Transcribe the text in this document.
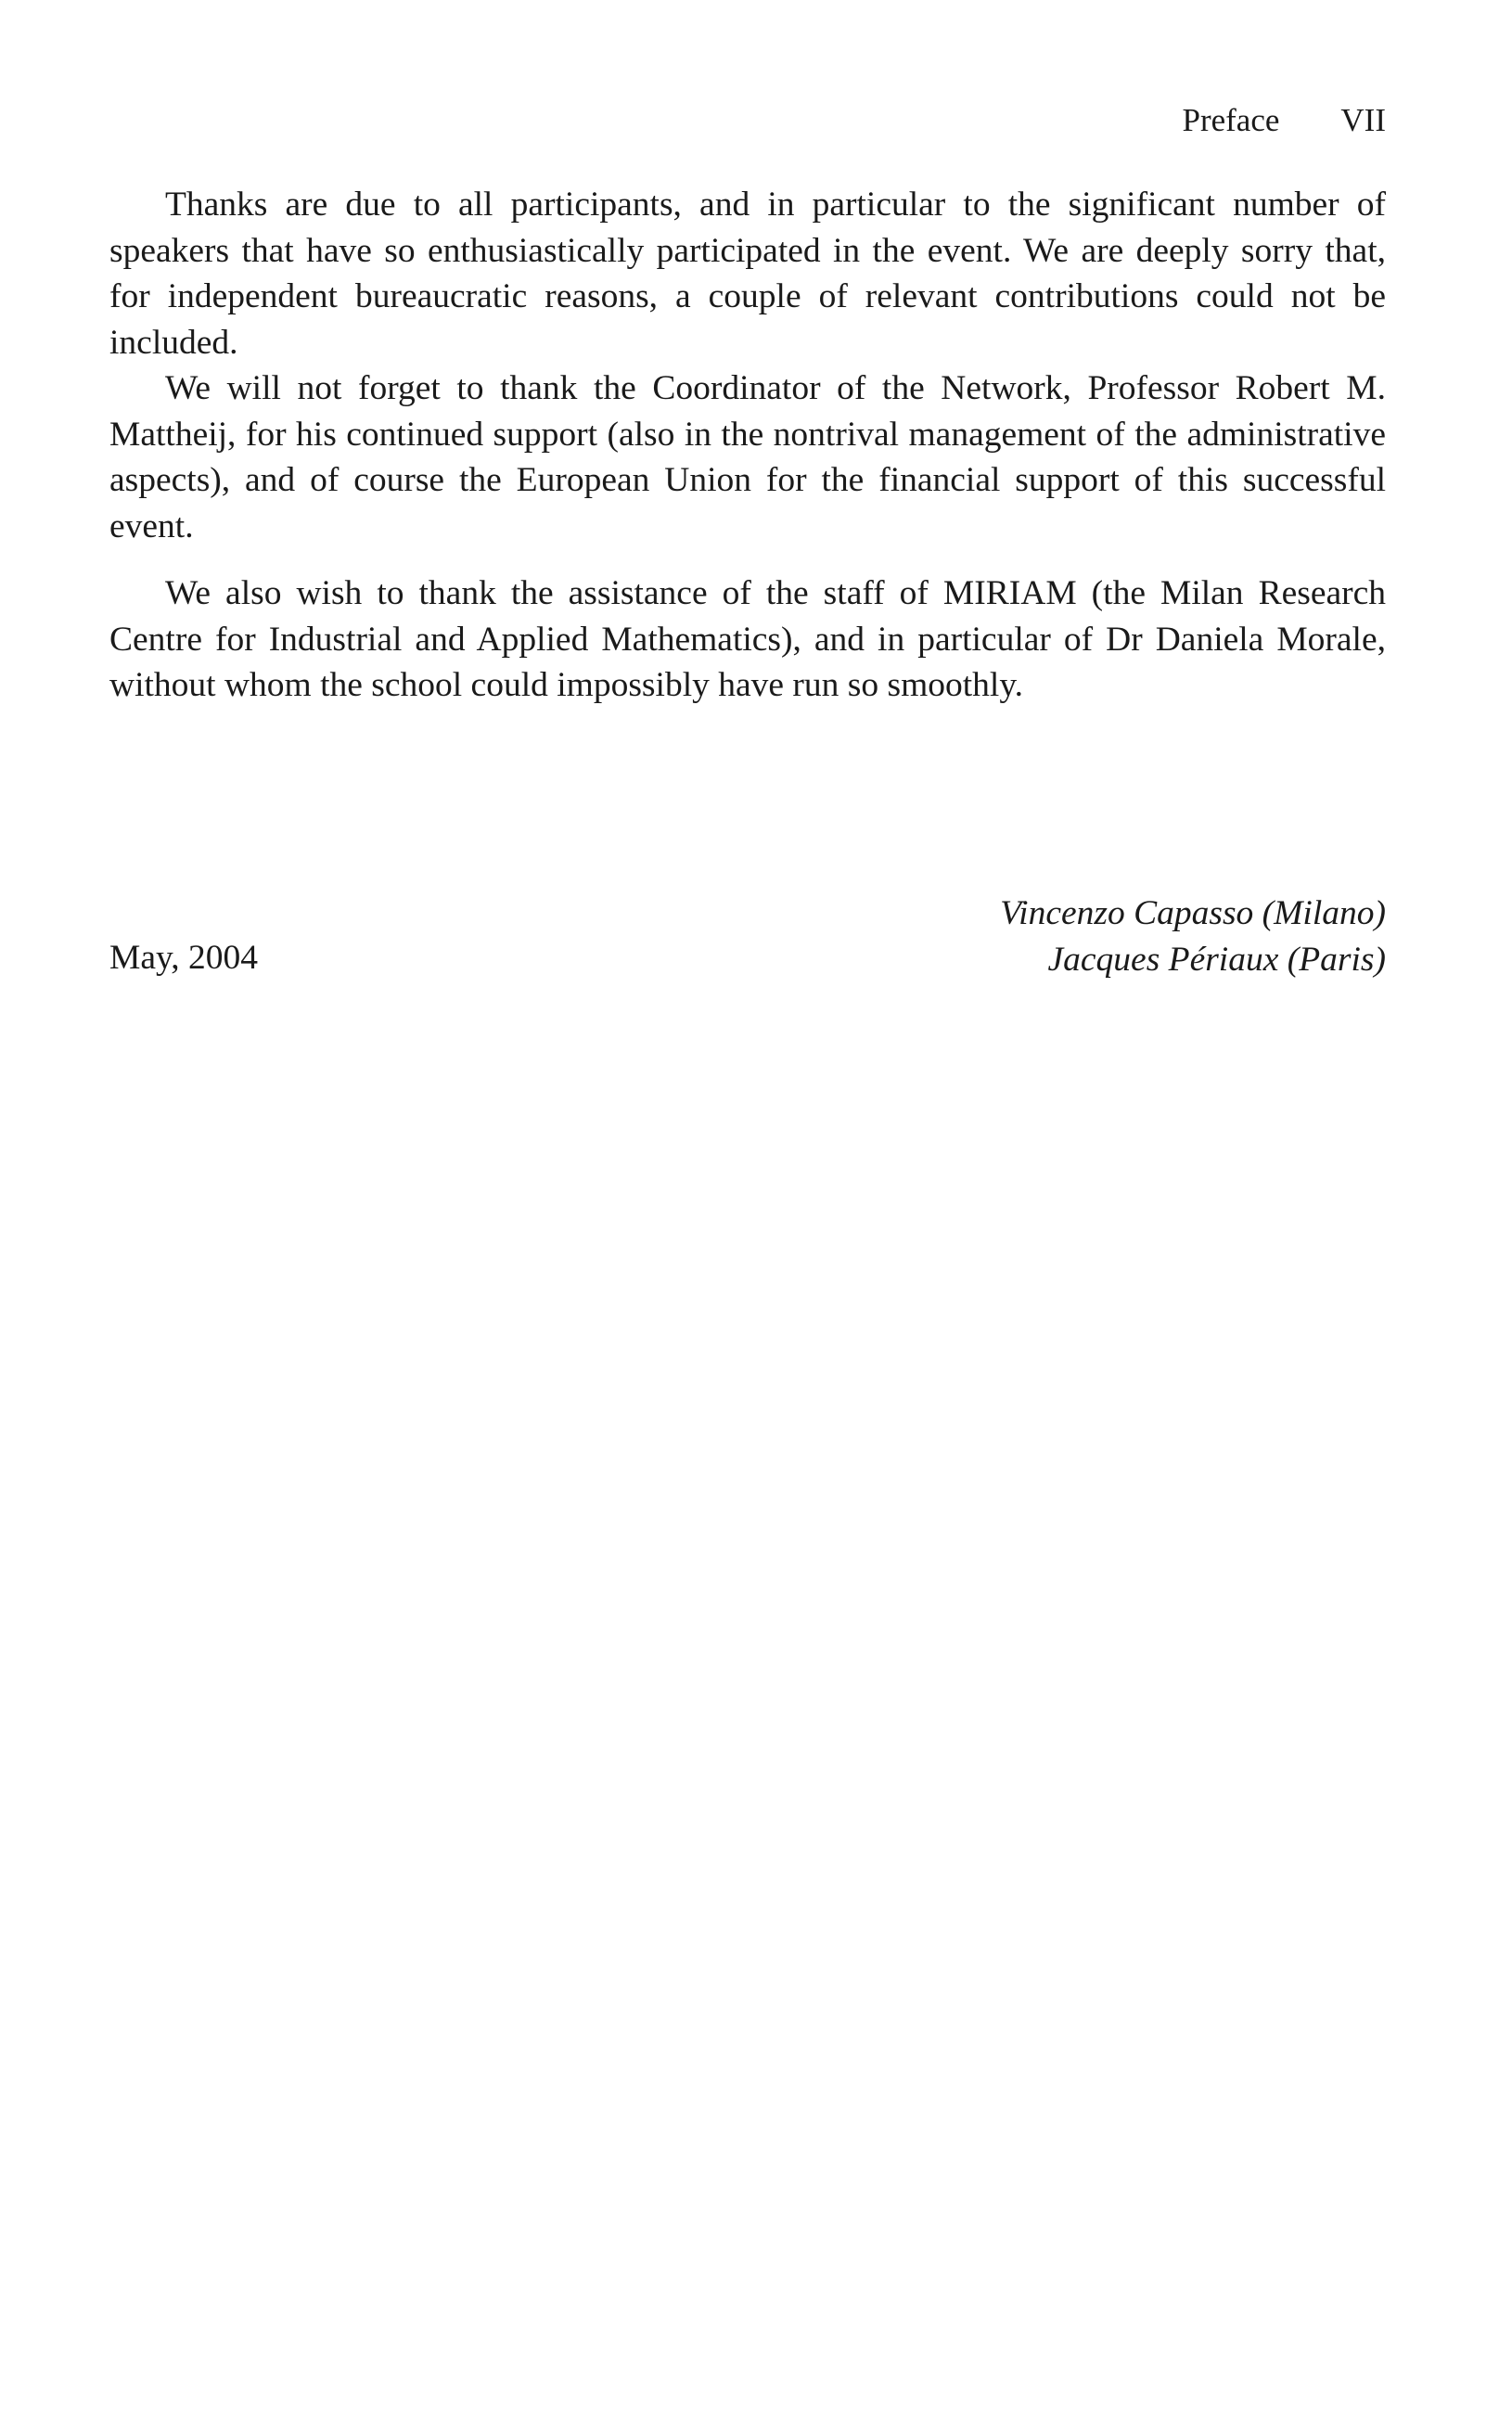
Preface VII

Thanks are due to all participants, and in particular to the significant number of speakers that have so enthusiastically participated in the event. We are deeply sorry that, for independent bureaucratic reasons, a couple of relevant contributions could not be included.

We will not forget to thank the Coordinator of the Network, Professor Robert M. Mattheij, for his continued support (also in the nontrival management of the administrative aspects), and of course the European Union for the financial support of this successful event.

We also wish to thank the assistance of the staff of MIRIAM (the Milan Research Centre for Industrial and Applied Mathematics), and in particular of Dr Daniela Morale, without whom the school could impossibly have run so smoothly.

May, 2004
Vincenzo Capasso (Milano)
Jacques Périaux (Paris)
